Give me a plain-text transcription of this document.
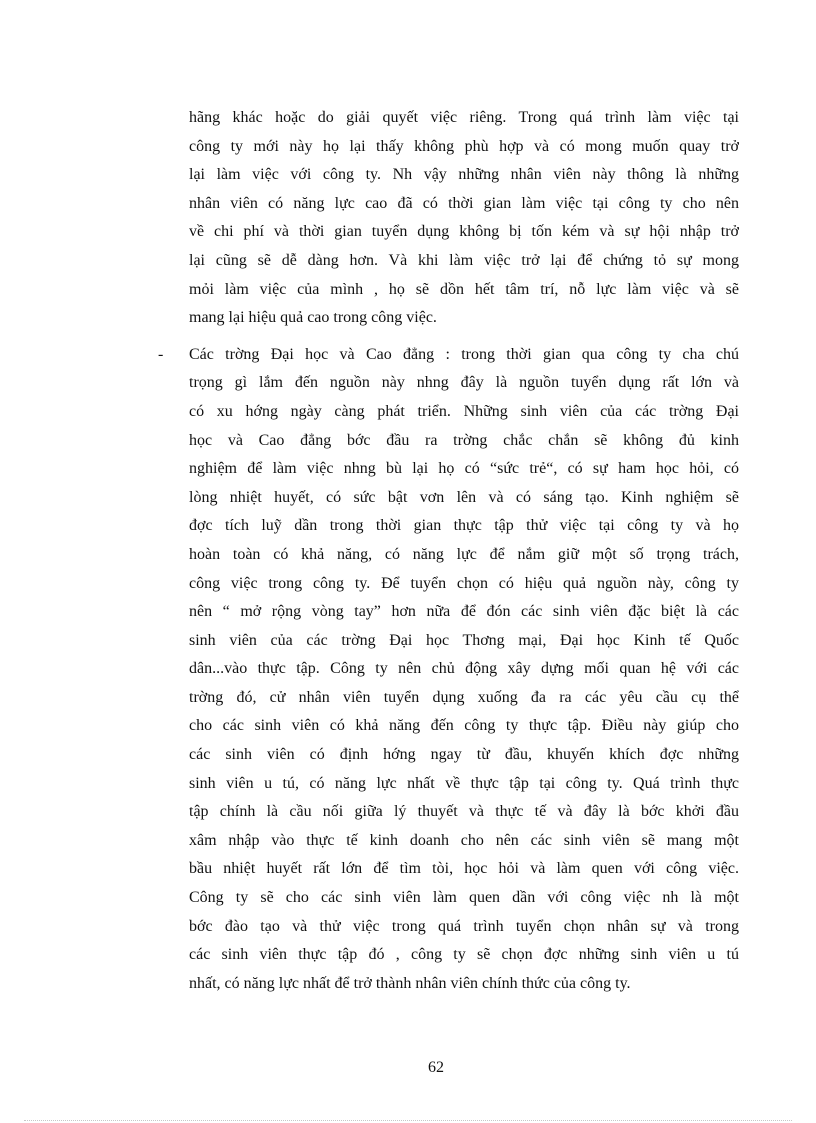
hãng khác hoặc do giải quyết việc riêng. Trong quá trình làm việc tại
công ty mới này họ lại thấy không phù hợp và có mong muốn quay trở
lại làm việc với công ty. Nh vậy những nhân viên này thông là những
nhân viên có năng lực cao đã có thời gian làm việc tại công ty cho nên
về chi phí và thời gian tuyển dụng không bị tốn kém và sự hội nhập trở
lại cũng sẽ dễ dàng hơn. Và khi làm việc trở lại để chứng tỏ sự mong
mỏi làm việc của mình , họ sẽ dồn hết tâm trí, nỗ lực làm việc và sẽ
mang lại hiệu quả cao trong công việc.
- Các trờng Đại học và Cao đẳng : trong thời gian qua công ty cha chú
trọng gì lắm đến nguồn này nhng đây là nguồn tuyển dụng rất lớn và
có xu hớng ngày càng phát triển. Những sinh viên của các trờng Đại
học và Cao đẳng bớc đầu ra trờng chắc chắn sẽ không đủ kinh
nghiệm để làm việc nhng bù lại họ có “sức trẻ“, có sự ham học hỏi, có
lòng nhiệt huyết, có sức bật vơn lên và có sáng tạo. Kinh nghiệm sẽ
đợc tích luỹ dần trong thời gian thực tập thử việc tại công ty và họ
hoàn toàn có khả năng, có năng lực để nắm giữ một số trọng trách,
công việc trong công ty. Để tuyển chọn có hiệu quả nguồn này, công ty
nên “ mở rộng vòng tay” hơn nữa để đón các sinh viên đặc biệt là các
sinh viên của các trờng Đại học Thơng mại, Đại học Kinh tế Quốc
dân...vào thực tập. Công ty nên chủ động xây dựng mối quan hệ với các
trờng đó, cử nhân viên tuyển dụng xuống đa ra các yêu cầu cụ thể
cho các sinh viên có khả năng đến công ty thực tập. Điều này giúp cho
các sinh viên có định hớng ngay từ đầu, khuyến khích đợc những
sinh viên u tú, có năng lực nhất về thực tập tại công ty. Quá trình thực
tập chính là cầu nối giữa lý thuyết và thực tế và đây là bớc khởi đầu
xâm nhập vào thực tế kinh doanh cho nên các sinh viên sẽ mang một
bầu nhiệt huyết rất lớn để tìm tòi, học hỏi và làm quen với công việc.
Công ty sẽ cho các sinh viên làm quen dần với công việc nh là một
bớc đào tạo và thử việc trong quá trình tuyển chọn nhân sự và trong
các sinh viên thực tập đó , công ty sẽ chọn đợc những sinh viên u tú
nhất, có năng lực nhất để trở thành nhân viên chính thức của công ty.
62
